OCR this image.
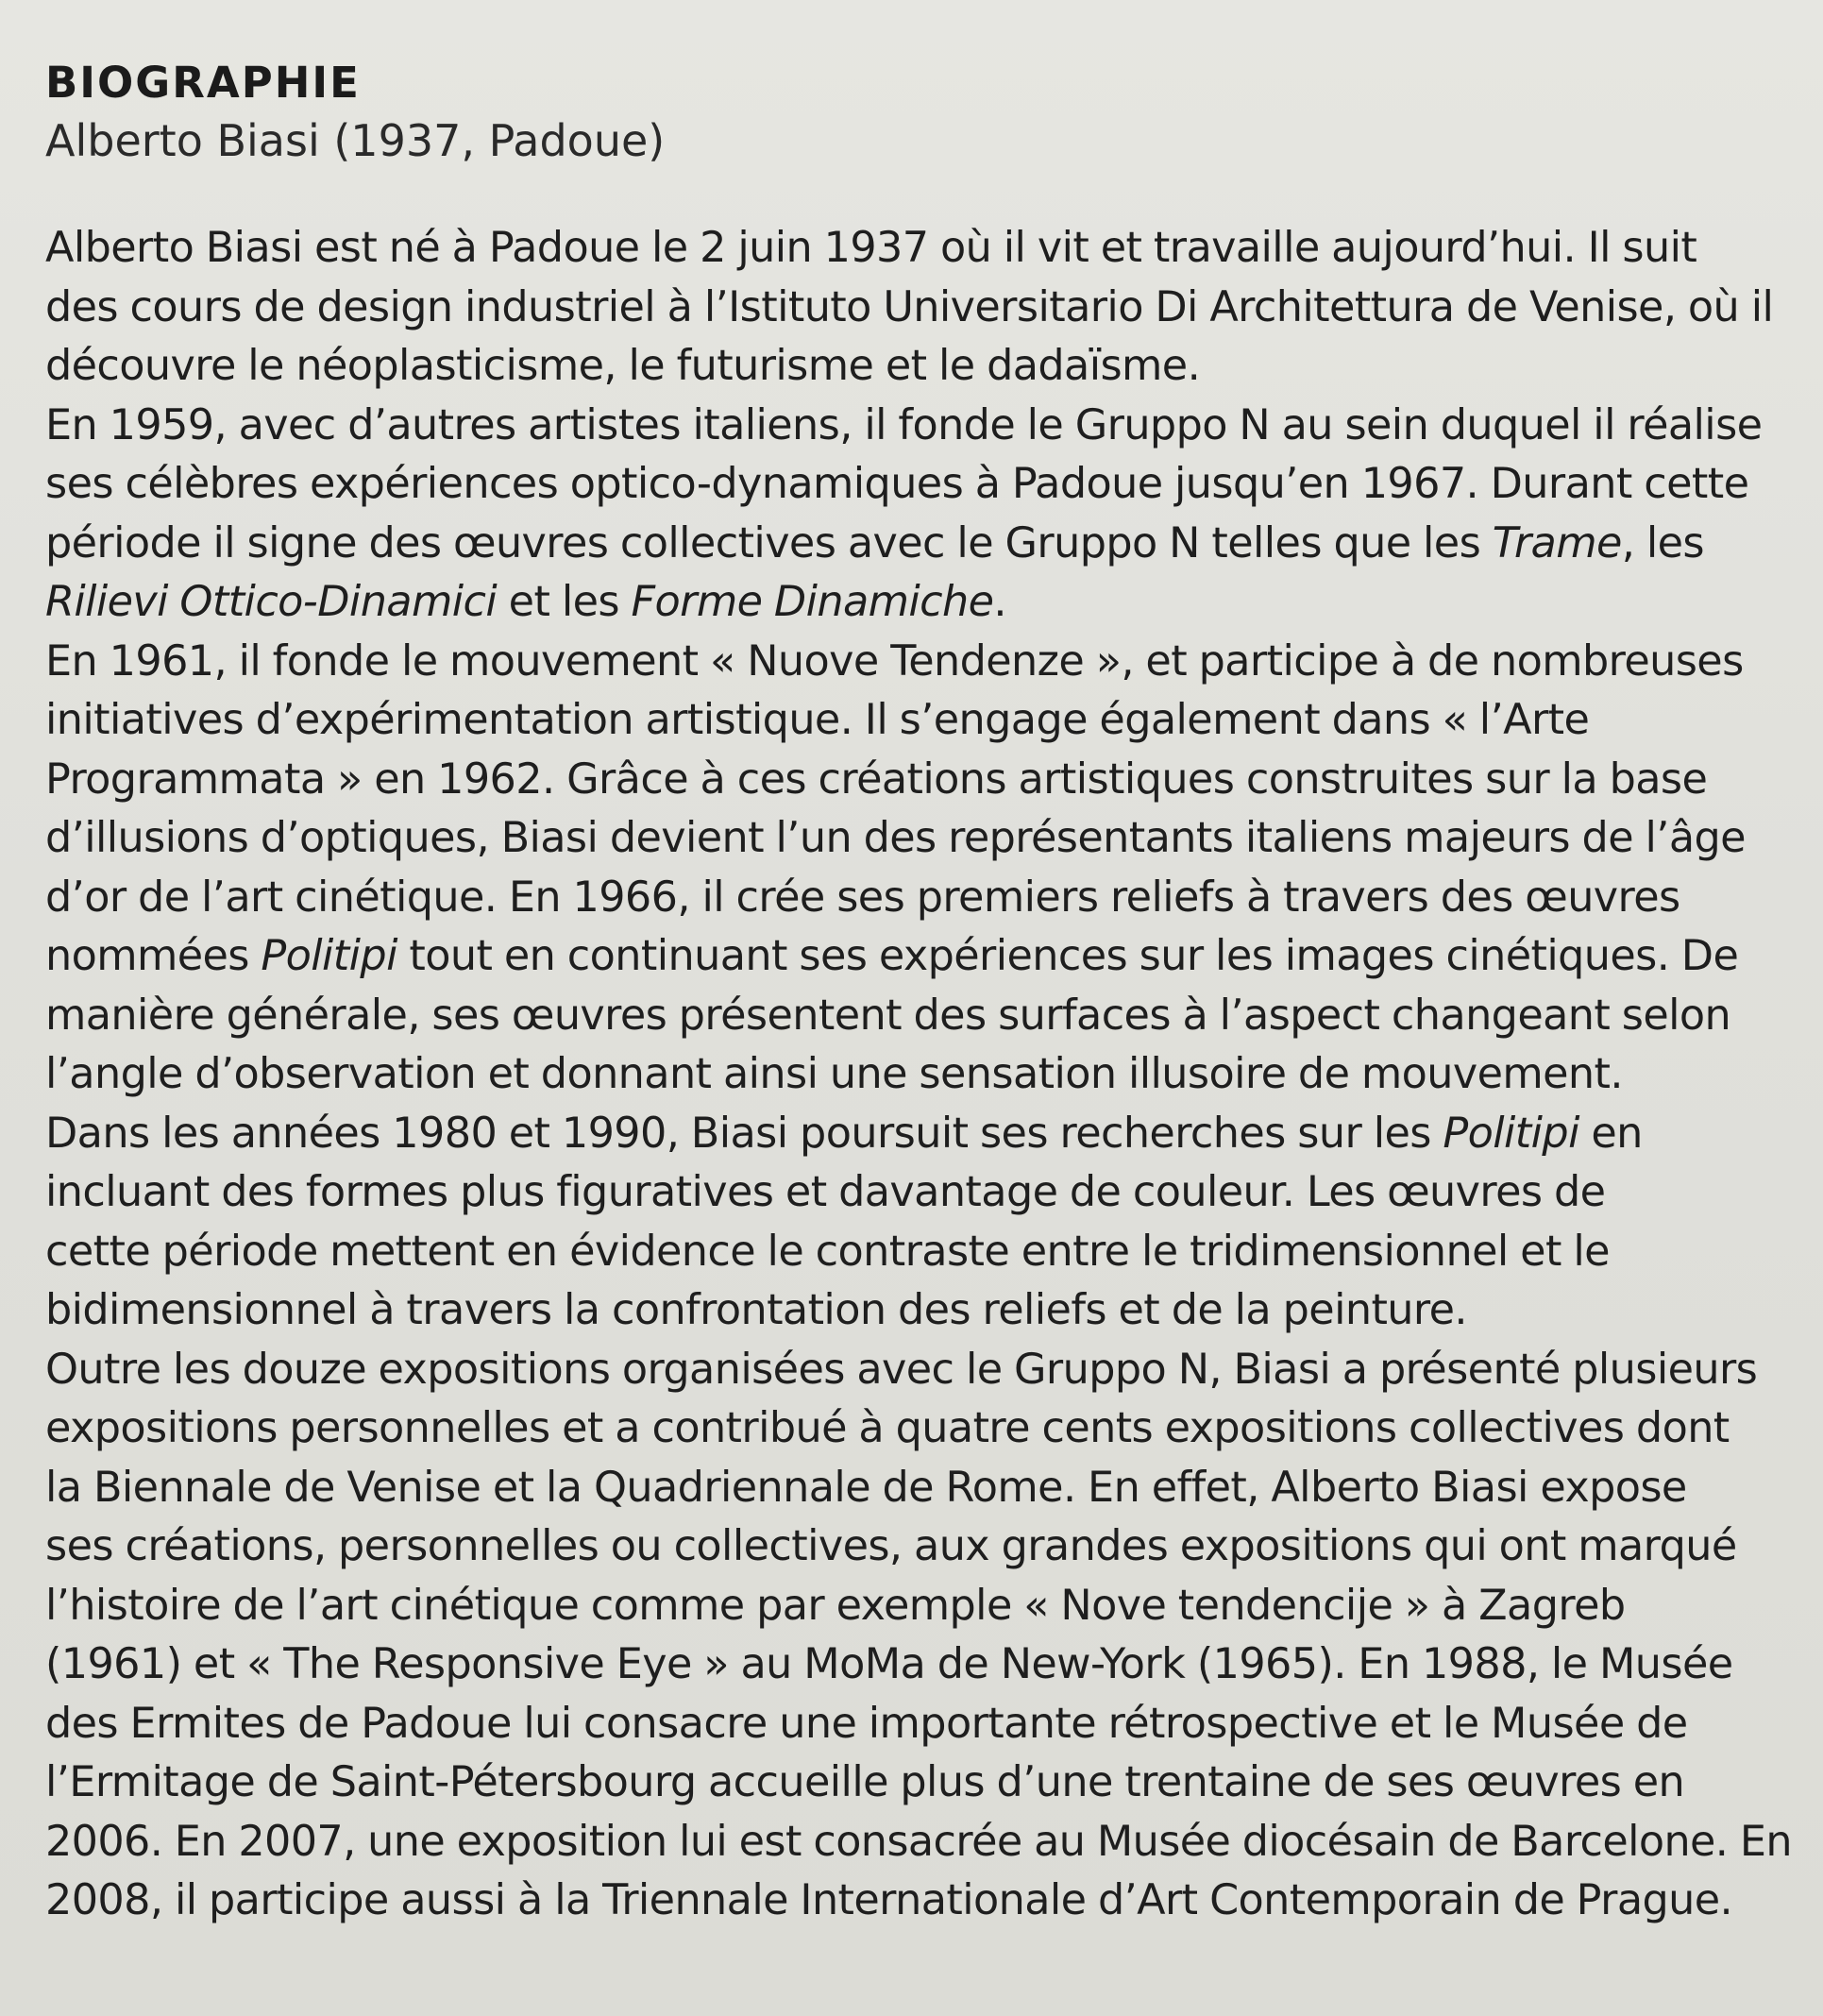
BIOGRAPHIE
Alberto Biasi (1937, Padoue)

Alberto Biasi est né à Padoue le 2 juin 1937 où il vit et travaille aujourd’hui. Il suit
des cours de design industriel à l’Istituto Universitario Di Architettura de Venise, où il
découvre le néoplasticisme, le futurisme et le dadaïsme.

En 1959, avec d’autres artistes italiens, il fonde le Gruppo N au sein duquel il réalise
ses célèbres expériences optico-dynamiques à Padoue jusqu’en 1967. Durant cette
période il signe des œuvres collectives avec le Gruppo N telles que les Trame, les
Rilievi Ottico-Dinamici et les Forme Dinamiche.

En 1961, il fonde le mouvement « Nuove Tendenze », et participe à de nombreuses
initiatives d’expérimentation artistique. Il s’engage également dans « l’Arte
Programmata » en 1962. Grâce à ces créations artistiques construites sur la base
d’illusions d’optiques, Biasi devient l’un des représentants italiens majeurs de l’âge
d’or de l’art cinétique. En 1966, il crée ses premiers reliefs à travers des œuvres
nommées Politipi tout en continuant ses expériences sur les images cinétiques. De
manière générale, ses œuvres présentent des surfaces à l’aspect changeant selon
l’angle d’observation et donnant ainsi une sensation illusoire de mouvement.

Dans les années 1980 et 1990, Biasi poursuit ses recherches sur les Politipi en
incluant des formes plus figuratives et davantage de couleur. Les œuvres de
cette période mettent en évidence le contraste entre le tridimensionnel et le
bidimensionnel à travers la confrontation des reliefs et de la peinture.

Outre les douze expositions organisées avec le Gruppo N, Biasi a présenté plusieurs
expositions personnelles et a contribué à quatre cents expositions collectives dont
la Biennale de Venise et la Quadriennale de Rome. En effet, Alberto Biasi expose
ses créations, personnelles ou collectives, aux grandes expositions qui ont marqué
l’histoire de l’art cinétique comme par exemple « Nove tendencije » à Zagreb
(1961) et « The Responsive Eye » au MoMa de New-York (1965). En 1988, le Musée
des Ermites de Padoue lui consacre une importante rétrospective et le Musée de
l’Ermitage de Saint-Pétersbourg accueille plus d’une trentaine de ses œuvres en
2006. En 2007, une exposition lui est consacrée au Musée diocésain de Barcelone. En
2008, il participe aussi à la Triennale Internationale d’Art Contemporain de Prague.
